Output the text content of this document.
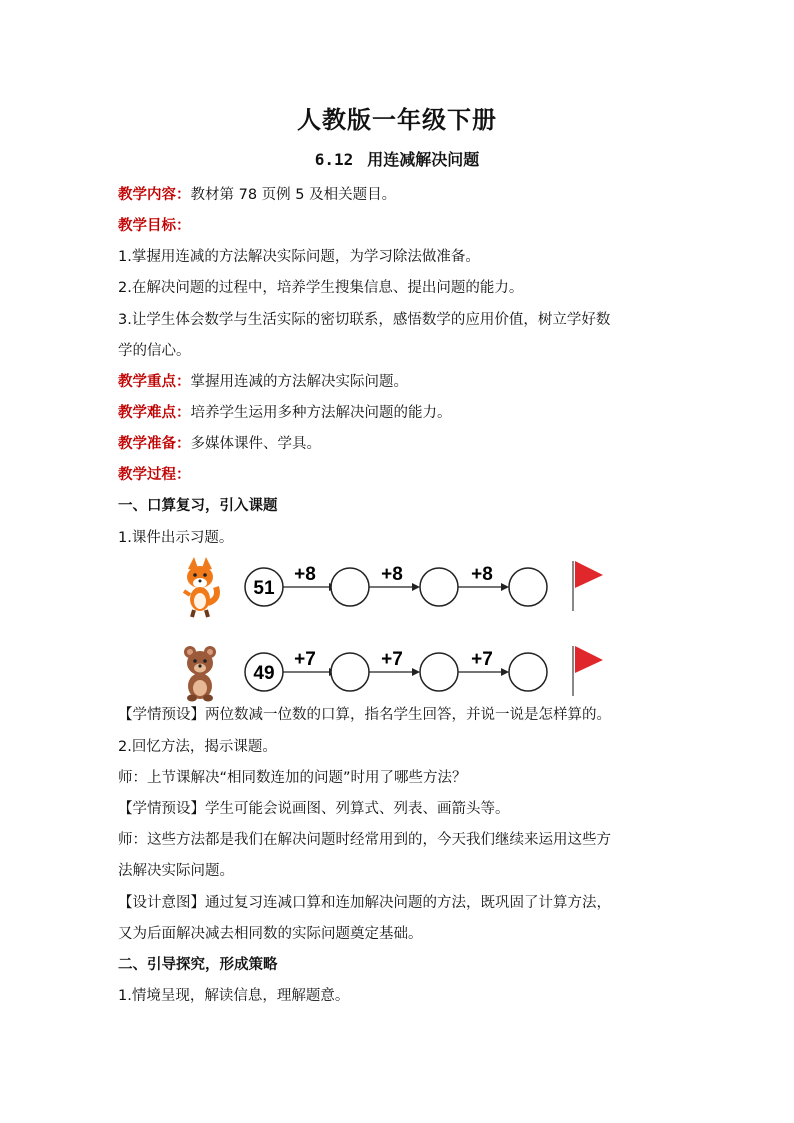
人教版一年级下册
6.12 用连减解决问题
教学内容：教材第 78 页例 5 及相关题目。
教学目标：
1.掌握用连减的方法解决实际问题，为学习除法做准备。
2.在解决问题的过程中，培养学生搜集信息、提出问题的能力。
3.让学生体会数学与生活实际的密切联系，感悟数学的应用价值，树立学好数
学的信心。
教学重点：掌握用连减的方法解决实际问题。
教学难点：培养学生运用多种方法解决问题的能力。
教学准备：多媒体课件、学具。
教学过程：
一、口算复习，引入课题
1.课件出示习题。
51
+8	+8	+8
49
+7	+7	+7
【学情预设】两位数减一位数的口算，指名学生回答，并说一说是怎样算的。
2.回忆方法，揭示课题。
师：上节课解决“相同数连加的问题”时用了哪些方法？
【学情预设】学生可能会说画图、列算式、列表、画箭头等。
师：这些方法都是我们在解决问题时经常用到的，今天我们继续来运用这些方
法解决实际问题。
【设计意图】通过复习连减口算和连加解决问题的方法，既巩固了计算方法，
又为后面解决减去相同数的实际问题奠定基础。
二、引导探究，形成策略
1.情境呈现，解读信息，理解题意。
